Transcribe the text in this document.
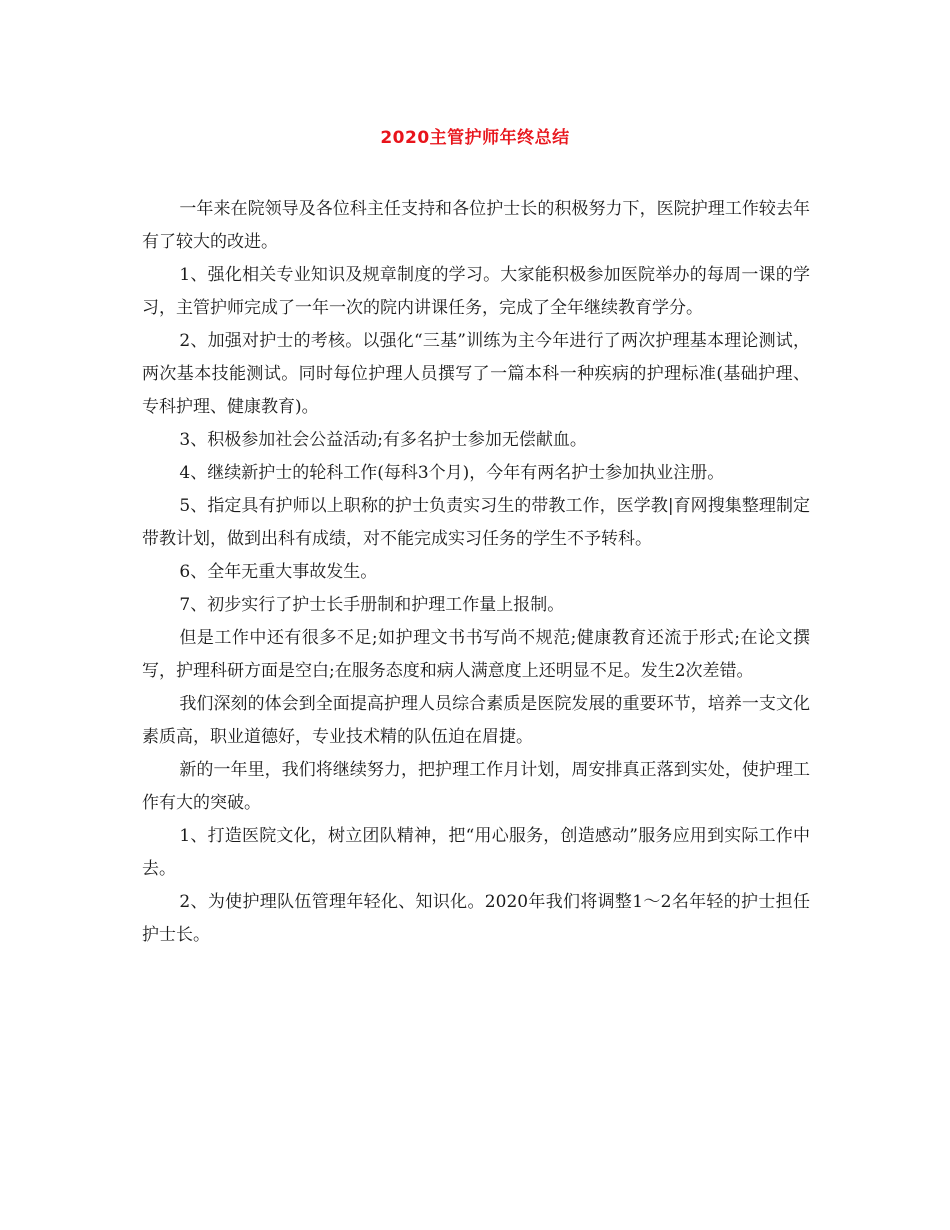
2020主管护师年终总结

一年来在院领导及各位科主任支持和各位护士长的积极努力下，医院护理工作较去年有了较大的改进。

1、强化相关专业知识及规章制度的学习。大家能积极参加医院举办的每周一课的学习，主管护师完成了一年一次的院内讲课任务，完成了全年继续教育学分。

2、加强对护士的考核。以强化“三基”训练为主今年进行了两次护理基本理论测试，两次基本技能测试。同时每位护理人员撰写了一篇本科一种疾病的护理标准(基础护理、专科护理、健康教育)。

3、积极参加社会公益活动;有多名护士参加无偿献血。

4、继续新护士的轮科工作(每科3个月)，今年有两名护士参加执业注册。

5、指定具有护师以上职称的护士负责实习生的带教工作，医学教|育网搜集整理制定带教计划，做到出科有成绩，对不能完成实习任务的学生不予转科。

6、全年无重大事故发生。

7、初步实行了护士长手册制和护理工作量上报制。

但是工作中还有很多不足;如护理文书书写尚不规范;健康教育还流于形式;在论文撰写，护理科研方面是空白;在服务态度和病人满意度上还明显不足。发生2次差错。

我们深刻的体会到全面提高护理人员综合素质是医院发展的重要环节，培养一支文化素质高，职业道德好，专业技术精的队伍迫在眉捷。

新的一年里，我们将继续努力，把护理工作月计划，周安排真正落到实处，使护理工作有大的突破。

1、打造医院文化，树立团队精神，把“用心服务，创造感动”服务应用到实际工作中去。

2、为使护理队伍管理年轻化、知识化。2020年我们将调整1～2名年轻的护士担任护士长。
